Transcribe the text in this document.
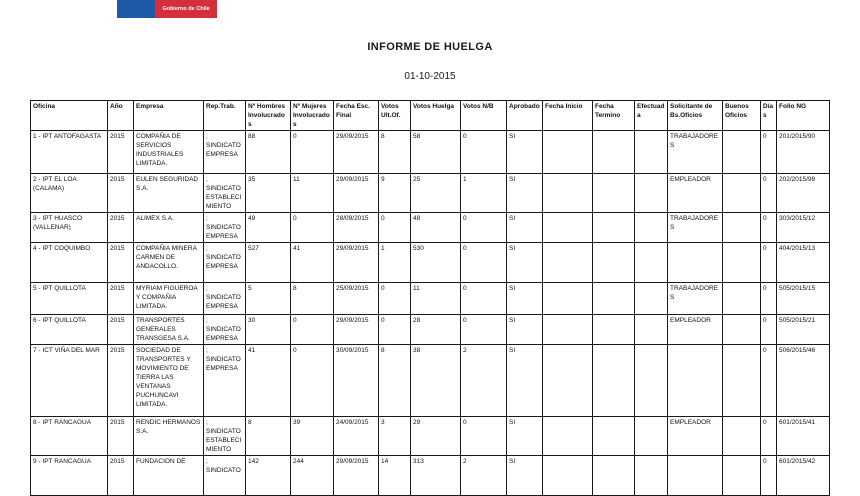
Gobierno de Chile
INFORME DE HUELGA
01-10-2015
Oficina	Año	Empresa	Rep.Trab.	Nº Hombres Involucrados	Nº Mujeres Involucrados	Fecha Esc. Final	Votos Ult.Of.	Votos Huelga	Votos N/B	Aprobado	Fecha Inicio	Fecha Termino	Efectuada	Solicitante de Bs.Oficios	Buenos Oficios	Días	Folio NG
1 - IPT ANTOFAGASTA	2015	COMPAÑIA DE SERVICIOS INDUSTRIALES LIMITADA.	; SINDICATO EMPRESA	88	0	29/09/2015	8	58	0	SI				TRABAJADORES		0	201/2015/90
2 - IPT EL LOA (CALAMA)	2015	EULEN SEGURIDAD S.A.	; SINDICATO ESTABLECIMIENTO	35	11	29/09/2015	9	25	1	SI				EMPLEADOR		0	202/2015/98
3 - IPT HUASCO (VALLENAR)	2015	ALIMEX S.A.	; SINDICATO EMPRESA	49	0	28/09/2015	0	48	0	SI				TRABAJADORES		0	303/2015/12
4 - IPT COQUIMBO	2015	COMPAÑIA MINERA CARMEN DE ANDACOLLO.	; SINDICATO EMPRESA	527	41	29/09/2015	1	530	0	SI						0	404/2015/13
5 - IPT QUILLOTA	2015	MYRIAM FIGUEROA Y COMPAÑIA LIMITADA.	; SINDICATO EMPRESA	5	8	25/09/2015	0	11	0	SI				TRABAJADORES		0	505/2015/15
6 - IPT QUILLOTA	2015	TRANSPORTES GENERALES TRANSGESA S.A.	; SINDICATO EMPRESA	30	0	29/09/2015	0	28	0	SI				EMPLEADOR		0	505/2015/21
7 - ICT VIÑA DEL MAR	2015	SOCIEDAD DE TRANSPORTES Y MOVIMIENTO DE TIERRA LAS VENTANAS PUCHUNCAVI LIMITADA.	; SINDICATO EMPRESA	41	0	30/09/2015	8	38	2	SI						0	506/2015/46
8 - IPT RANCAGUA	2015	RENDIC HERMANOS S.A.	; SINDICATO ESTABLECIMIENTO	8	39	24/09/2015	3	29	0	SI				EMPLEADOR		0	601/2015/41
9 - IPT RANCAGUA	2015	FUNDACION DE	; SINDICATO	142	244	29/09/2015	14	313	2	SI						0	601/2015/42
